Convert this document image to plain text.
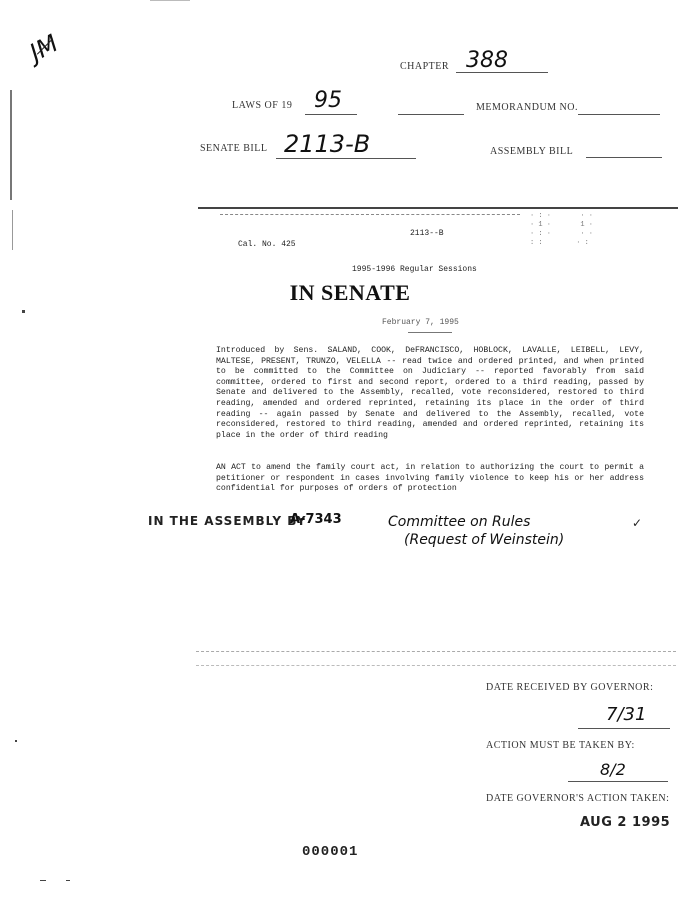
JM	CHAPTER 388
LAWS OF 19 95	MEMORANDUM NO.
SENATE BILL 2113-B	ASSEMBLY BILL
· : ·       · ·
· 1 ·       1 ·
· : ·       · ·
: :        · :
2113--B
Cal. No. 425
1995-1996 Regular Sessions
IN SENATE
February 7, 1995
Introduced by Sens. SALAND, COOK, DeFRANCISCO, HOBLOCK, LAVALLE, LEIBELL, LEVY, MALTESE, PRESENT, TRUNZO, VELELLA -- read twice and ordered printed, and when printed to be committed to the Committee on Judiciary -- reported favorably from said committee, ordered to first and second report, ordered to a third reading, passed by Senate and delivered to the Assembly, recalled, vote reconsidered, restored to third reading, amended and ordered reprinted, retaining its place in the order of third reading -- again passed by Senate and delivered to the Assembly, recalled, vote reconsidered, restored to third reading, amended and ordered reprinted, retaining its place in the order of third reading
AN ACT to amend the family court act, in relation to authorizing the court to permit a petitioner or respondent in cases involving family violence to keep his or her address confidential for purposes of orders of protection
IN THE ASSEMBLY BY
A-7343	Committee on Rules
(Request of Weinstein)
✓
DATE RECEIVED BY GOVERNOR:
7/31
ACTION MUST BE TAKEN BY:
8/2
DATE GOVERNOR'S ACTION TAKEN:
AUG 2 1995
000001
